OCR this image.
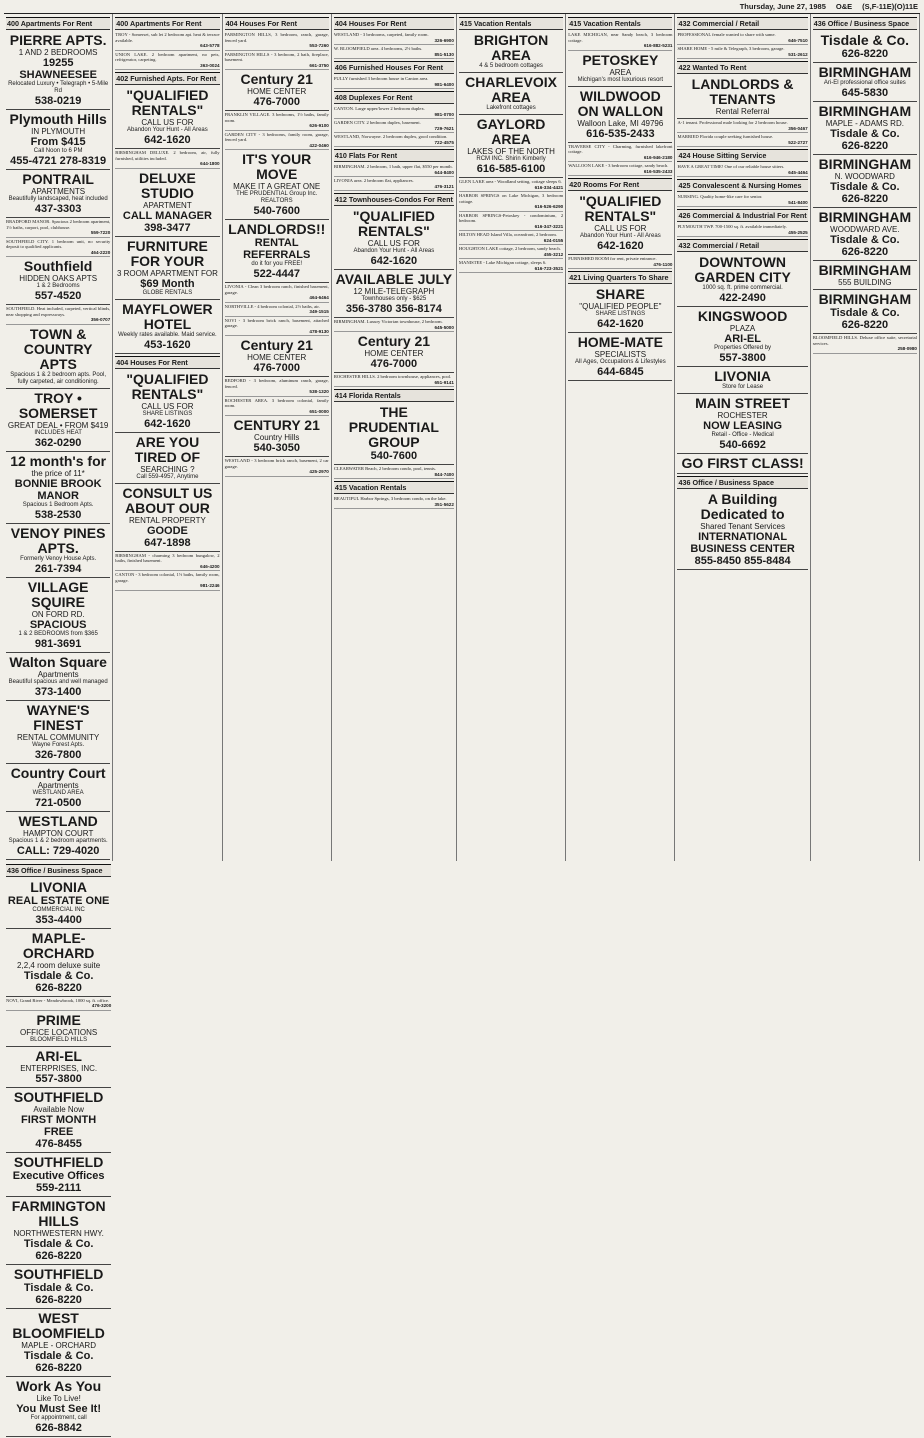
Thursday, June 27, 1985 O&E (S,F-11E)(O)11E
400 Apartments For Rent
PIERRE APTS.
1 AND 2 BEDROOMS
19255 SHAWNEESEE
Relocated Luxury • Telegraph • 5-Mile Rd
538-0219
Plymouth Hills
IN PLYMOUTH
From $415
Call Noon to 6 PM
455-4721 278-8319
PONTRAIL
APARTMENTS
Beautifully landscaped, heat included
437-3303
BRADFORD MANOR. Spacious 2 bedroom apartment, 1½ baths, carport, pool, clubhouse.
559-7220
SOUTHFIELD CITY. 1 bedroom unit, no security deposit to qualified applicants.
464-2220
Southfield
HIDDEN OAKS APTS
1 & 2 Bedrooms
557-4520
SOUTHFIELD. Heat included, carpeted, vertical blinds, near shopping and expressways.
356-0707
TOWN & COUNTRY APTS
Spacious 1 & 2 bedroom apts. Pool, fully carpeted, air conditioning.
TROY • SOMERSET
GREAT DEAL • FROM $419
INCLUDES HEAT
362-0290
12 month's for
the price of 11*
BONNIE BROOK MANOR
Spacious 1 Bedroom Apts.
538-2530
VENOY PINES APTS.
Formerly Venoy House Apts.
261-7394
VILLAGE SQUIRE
ON FORD RD.
SPACIOUS
1 & 2 BEDROOMS from $365
981-3691
Walton Square
Apartments
Beautiful spacious and well managed
373-1400
WAYNE'S FINEST
RENTAL COMMUNITY
Wayne Forest Apts.
326-7800
Country Court
Apartments
WESTLAND AREA
721-0500
WESTLAND
HAMPTON COURT
Spacious 1 & 2 bedroom apartments.
CALL: 729-4020
400 Apartments For Rent
TROY - Somerset, sub let 2 bedroom apt. heat & terrace available.
643-5778
UNION LAKE. 2 bedroom apartment, no pets, refrigerator, carpeting.
363-0024
402 Furnished Apts. For Rent
"QUALIFIED RENTALS"
CALL US FOR
Abandon Your Hunt - All Areas
642-1620
BIRMINGHAM DELUXE. 2 bedroom, air, fully furnished, utilities included.
644-1800
DELUXE STUDIO
APARTMENT
CALL MANAGER
398-3477
FURNITURE FOR YOUR
3 ROOM APARTMENT FOR
$69 Month
GLOBE RENTALS
MAYFLOWER HOTEL
Weekly rates available. Maid service.
453-1620
404 Houses For Rent
"QUALIFIED RENTALS"
CALL US FOR
SHARE LISTINGS
642-1620
ARE YOU TIRED OF
SEARCHING ?
Call 559-4957, Anytime
CONSULT US ABOUT OUR
RENTAL PROPERTY
GOODE
647-1898
BIRMINGHAM - charming 3 bedroom bungalow, 2 baths, finished basement.
646-4200
CANTON - 3 bedroom colonial, 1½ baths, family room, garage.
981-2246
404 Houses For Rent
FARMINGTON HILLS, 3 bedroom, ranch, garage, fenced yard.
553-7260
FARMINGTON HILLS - 3 bedroom, 2 bath, fireplace, basement.
661-3750
Century 21
HOME CENTER
476-7000
FRANKLIN VILLAGE. 3 bedrooms, 1½ baths, family room.
626-9100
GARDEN CITY - 3 bedrooms, family room, garage, fenced yard.
422-0460
IT'S YOUR MOVE
MAKE IT A GREAT ONE
THE PRUDENTIAL Group Inc. REALTORS
540-7600
LANDLORDS!!
RENTAL REFERRALS
do it for you FREE!
522-4447
LIVONIA - Clean 3 bedroom ranch, finished basement, garage.
464-6464
NORTHVILLE - 4 bedroom colonial, 2½ baths, air.
349-1515
NOVI - 3 bedroom brick ranch, basement, attached garage.
478-9130
Century 21
HOME CENTER
476-7000
REDFORD - 3 bedroom, aluminum ranch, garage, fenced.
538-1320
ROCHESTER AREA. 3 bedroom colonial, family room.
651-0000
CENTURY 21
Country Hills
540-3050
WESTLAND - 3 bedroom brick ranch, basement, 2 car garage.
425-2970
404 Houses For Rent
WESTLAND - 3 bedrooms, carpeted, family room.
326-6900
W. BLOOMFIELD area. 4 bedrooms, 2½ baths.
851-5130
406 Furnished Houses For Rent
FULLY furnished 3 bedroom house in Canton area.
981-6400
408 Duplexes For Rent
CANTON. Large upper/lower 2 bedroom duplex.
981-0700
GARDEN CITY. 2 bedroom duplex, basement.
729-7621
WESTLAND, Norwayne. 2 bedroom duplex, good condition.
722-4575
410 Flats For Rent
BIRMINGHAM. 2 bedroom, 1 bath, upper flat, $550 per month.
644-8400
LIVONIA area. 2 bedroom flat, appliances.
476-3121
412 Townhouses-Condos For Rent
"QUALIFIED RENTALS"
CALL US FOR
Abandon Your Hunt - All Areas
642-1620
AVAILABLE JULY
12 MILE-TELEGRAPH
Townhouses only - $625
356-3780 356-8174
BIRMINGHAM. Luxury Victorian townhouse, 2 bedroom.
645-5000
Century 21
HOME CENTER
476-7000
ROCHESTER HILLS. 2 bedroom townhouse, appliances, pool.
651-9141
414 Florida Rentals
THE PRUDENTIAL GROUP
540-7600
CLEARWATER Beach, 2 bedroom condo, pool, tennis.
844-7400
415 Vacation Rentals
BEAUTIFUL Harbor Springs, 3 bedroom condo, on the lake.
351-5622
415 Vacation Rentals
BRIGHTON AREA
4 & 5 bedroom cottages
CHARLEVOIX AREA
Lakefront cottages
GAYLORD AREA
LAKES OF THE NORTH
RCM INC. Shirin Kimberly
616-585-6100
GLEN LAKE area - Woodland setting, cottage sleeps 6.
616-334-4421
HARBOR SPRINGS on Lake Michigan, 3 bedroom cottage.
616-526-6290
HARBOR SPRINGS-Petoskey - condominium, 2 bedroom.
616-347-3221
HILTON HEAD Island Villa, oceanfront, 2 bedroom.
624-0155
HOUGHTON LAKE cottage, 2 bedroom, sandy beach.
455-3212
MANISTEE - Lake Michigan cottage, sleeps 6.
616-723-3521
415 Vacation Rentals
LAKE MICHIGAN, near Sandy beach, 3 bedroom cottage.
616-882-5231
PETOSKEY
AREA
Michigan's most luxurious resort
WILDWOOD ON WALLON
Walloon Lake, MI 49796
616-535-2433
TRAVERSE CITY - Charming, furnished lakefront cottage.
616-946-2180
WALLOON LAKE - 3 bedroom cottage, sandy beach.
616-535-2433
420 Rooms For Rent
"QUALIFIED RENTALS"
CALL US FOR
Abandon Your Hunt - All Areas
642-1620
FURNISHED ROOM for rent, private entrance.
476-1100
421 Living Quarters To Share
SHARE
"QUALIFIED PEOPLE"
SHARE LISTINGS
642-1620
HOME-MATE
SPECIALISTS
All Ages, Occupations & Lifestyles
644-6845
432 Commercial / Retail
PROFESSIONAL female wanted to share with same.
646-7510
SHARE HOME - 5 mile & Telegraph, 3 bedroom, garage.
531-2612
422 Wanted To Rent
LANDLORDS & TENANTS
Rental Referral
A-1 tenant. Professional male looking for 2 bedroom house.
356-0467
MARRIED Florida couple seeking furnished house.
522-2727
424 House Sitting Service
HAVE A GREAT TIME! One of our reliable house sitters.
645-4464
425 Convalescent & Nursing Homes
NURSING. Quality home-like care for senior.
541-8400
426 Commercial & Industrial For Rent
PLYMOUTH TWP. 700-1500 sq. ft. available immediately.
455-2525
432 Commercial / Retail
DOWNTOWN GARDEN CITY
1000 sq. ft. prime commercial.
422-2490
KINGSWOOD
PLAZA
ARI-EL
Properties Offered by
557-3800
LIVONIA
Store for Lease
MAIN STREET
ROCHESTER
NOW LEASING
Retail - Office - Medical
540-6692
GO FIRST CLASS!
436 Office / Business Space
A Building Dedicated to
Shared Tenant Services
INTERNATIONAL BUSINESS CENTER
855-8450 855-8484
436 Office / Business Space
Tisdale & Co.
626-8220
BIRMINGHAM
Ari-El professional office suites
645-5830
BIRMINGHAM
MAPLE - ADAMS RD.
Tisdale & Co.
626-8220
BIRMINGHAM
N. WOODWARD
Tisdale & Co.
626-8220
BIRMINGHAM
WOODWARD AVE.
Tisdale & Co.
626-8220
BIRMINGHAM
555 BUILDING
BIRMINGHAM
Tisdale & Co.
626-8220
BLOOMFIELD HILLS. Deluxe office suite, secretarial services.
258-0980
436 Office / Business Space
LIVONIA
REAL ESTATE ONE
COMMERCIAL INC
353-4400
MAPLE-ORCHARD
2,2,4 room deluxe suite
Tisdale & Co.
626-8220
NOVI, Grand River - Meadowbrook, 1000 sq. ft. office.
476-3200
PRIME
OFFICE LOCATIONS
BLOOMFIELD HILLS
ARI-EL
ENTERPRISES, INC.
557-3800
SOUTHFIELD
Available Now
FIRST MONTH FREE
476-8455
SOUTHFIELD
Executive Offices
559-2111
FARMINGTON HILLS
NORTHWESTERN HWY.
Tisdale & Co.
626-8220
SOUTHFIELD
Tisdale & Co.
626-8220
WEST BLOOMFIELD
MAPLE - ORCHARD
Tisdale & Co.
626-8220
Work As You
Like To Live!
You Must See It!
For appointment, call
626-8842
